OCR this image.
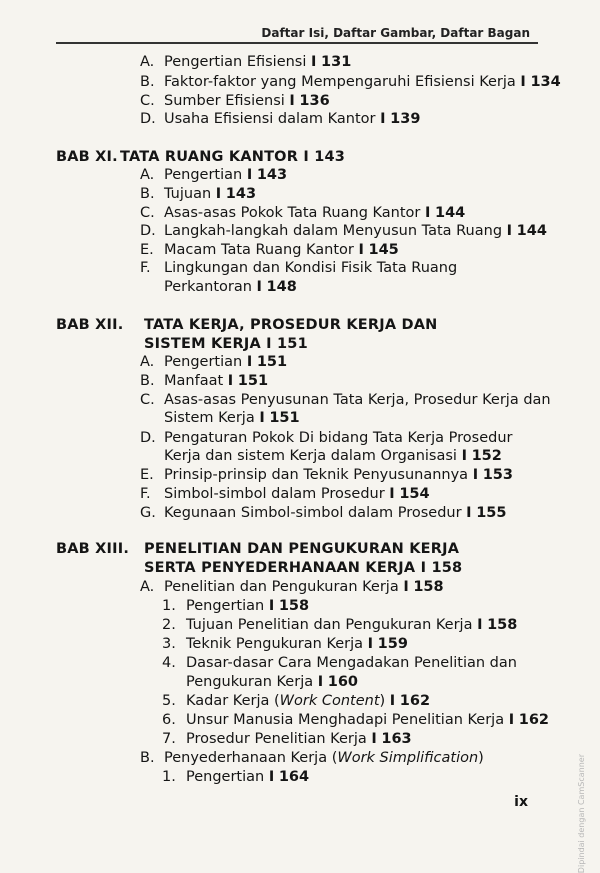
Daftar Isi, Daftar Gambar, Daftar Bagan
A. Pengertian Efisiensi I 131
B. Faktor-faktor yang Mempengaruhi Efisiensi Kerja I 134
C. Sumber Efisiensi I 136
D. Usaha Efisiensi dalam Kantor I 139
BAB XI. TATA RUANG KANTOR I 143
A. Pengertian I 143
B. Tujuan I 143
C. Asas-asas Pokok Tata Ruang Kantor I 144
D. Langkah-langkah dalam Menyusun Tata Ruang I 144
E. Macam Tata Ruang Kantor I 145
F. Lingkungan dan Kondisi Fisik Tata Ruang
Perkantoran I 148
BAB XII. TATA KERJA, PROSEDUR KERJA DAN
SISTEM KERJA I 151
A. Pengertian I 151
B. Manfaat I 151
C. Asas-asas Penyusunan Tata Kerja, Prosedur Kerja dan
Sistem Kerja I 151
D. Pengaturan Pokok Di bidang Tata Kerja Prosedur
Kerja dan sistem Kerja dalam Organisasi I 152
E. Prinsip-prinsip dan Teknik Penyusunannya I 153
F. Simbol-simbol dalam Prosedur I 154
G. Kegunaan Simbol-simbol dalam Prosedur I 155
BAB XIII. PENELITIAN DAN PENGUKURAN KERJA
SERTA PENYEDERHANAAN KERJA I 158
A. Penelitian dan Pengukuran Kerja I 158
1. Pengertian I 158
2. Tujuan Penelitian dan Pengukuran Kerja I 158
3. Teknik Pengukuran Kerja I 159
4. Dasar-dasar Cara Mengadakan Penelitian dan
Pengukuran Kerja I 160
5. Kadar Kerja (Work Content) I 162
6. Unsur Manusia Menghadapi Penelitian Kerja I 162
7. Prosedur Penelitian Kerja I 163
B. Penyederhanaan Kerja (Work Simplification)
1. Pengertian I 164	Dipindai dengan CamScanner
ix
